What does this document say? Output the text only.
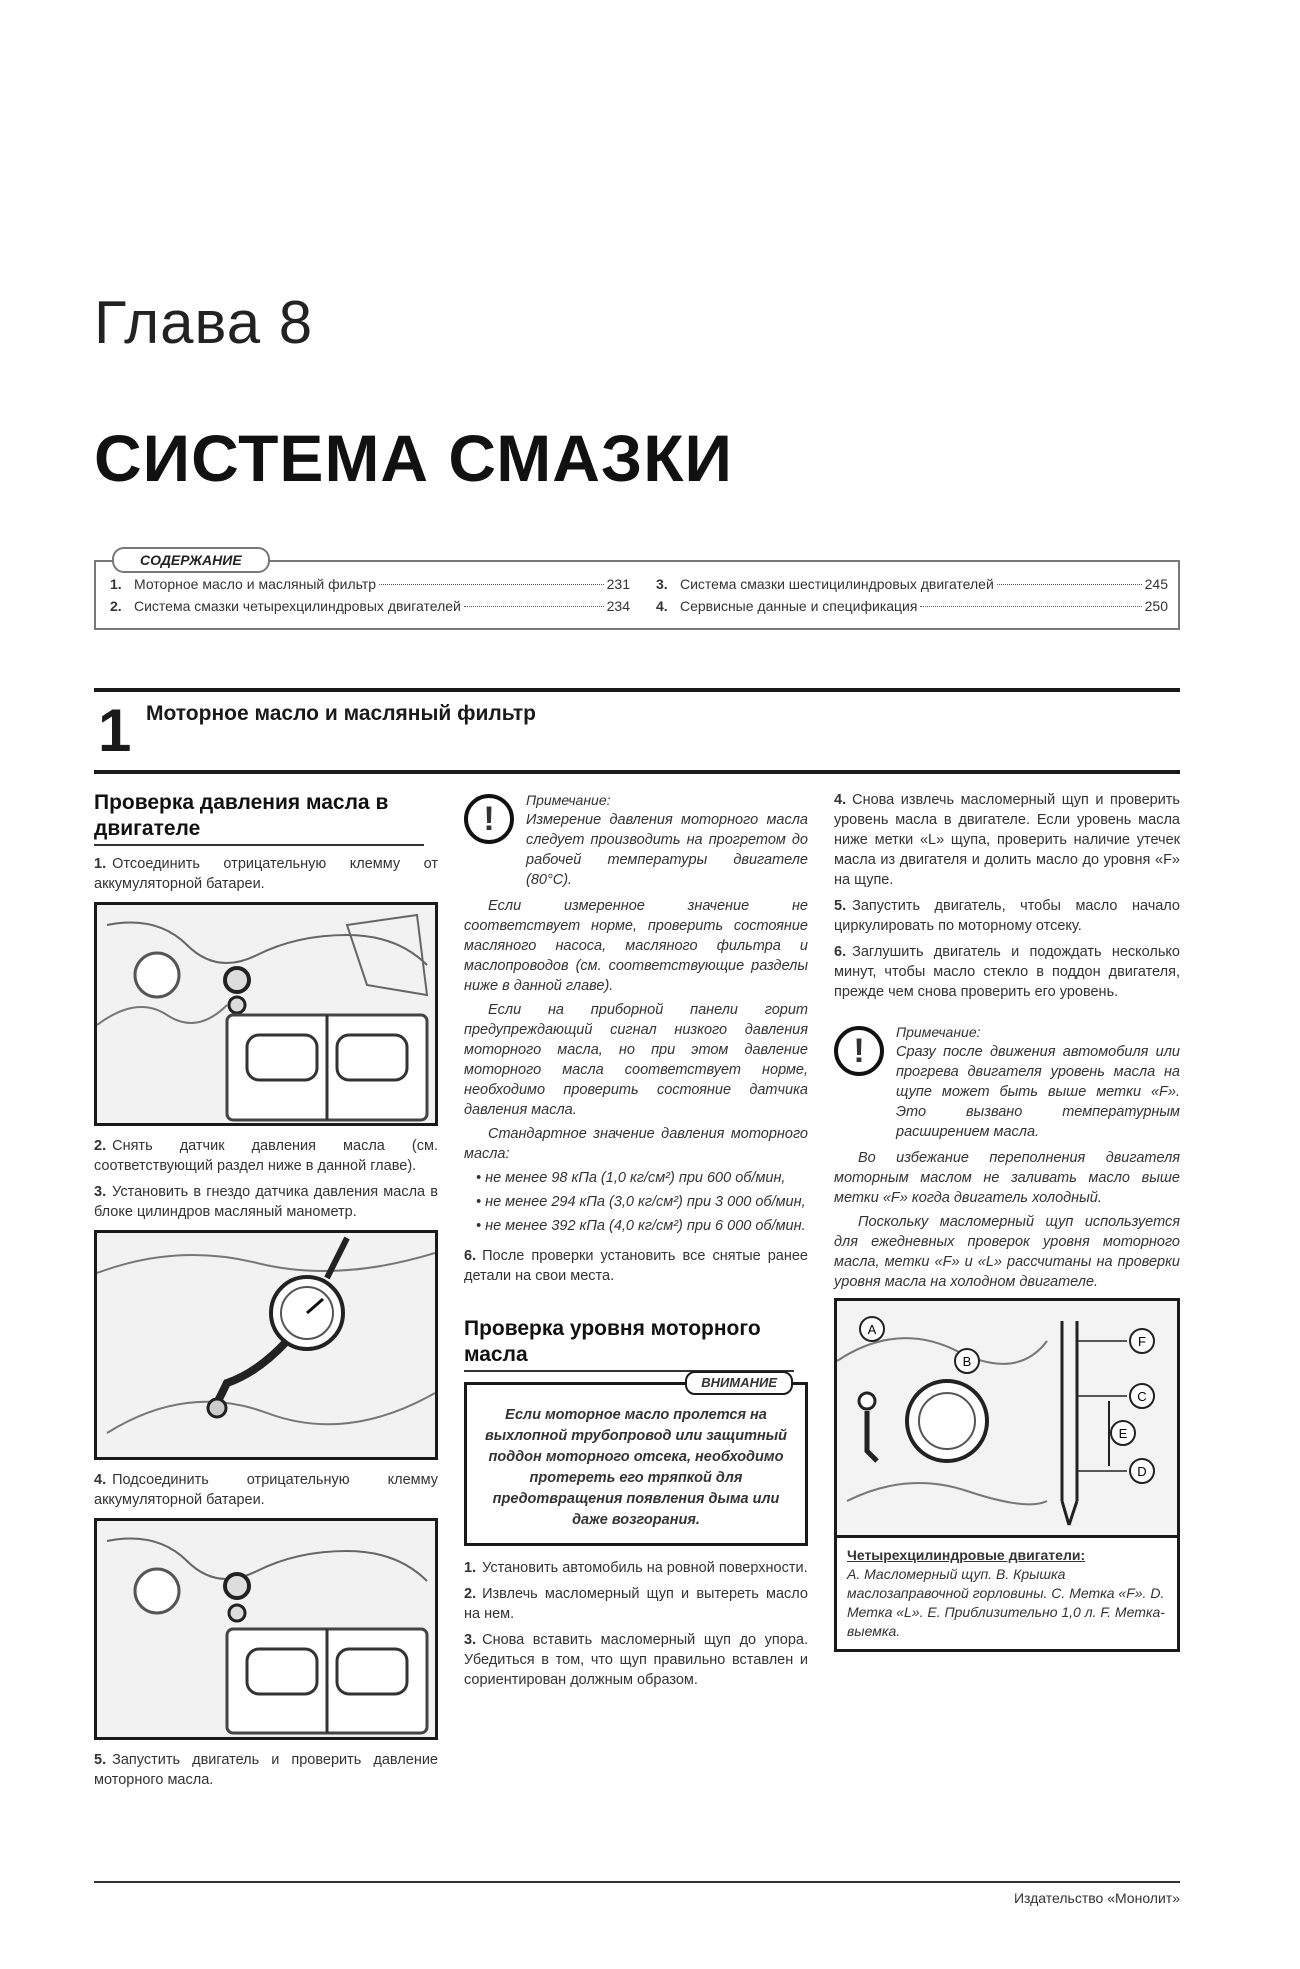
Глава 8
СИСТЕМА СМАЗКИ
СОДЕРЖАНИЕ
1. Моторное масло и масляный фильтр	231
2. Система смазки четырехцилиндровых двигателей	234
3. Система смазки шестицилиндровых двигателей	245
4. Сервисные данные и спецификация	250
1 Моторное масло и масляный фильтр
Проверка давления масла в двигателе
1. Отсоединить отрицательную клемму от аккумуляторной батареи.
2. Снять датчик давления масла (см. соответствующий раздел ниже в данной главе).
3. Установить в гнездо датчика давления масла в блоке цилиндров масляный манометр.
4. Подсоединить отрицательную клемму аккумуляторной батареи.
5. Запустить двигатель и проверить давление моторного масла.
!	Примечание:
Измерение давления моторного масла следует производить на прогретом до рабочей температуры двигателе (80°C).
Если измеренное значение не соответствует норме, проверить состояние масляного насоса, масляного фильтра и маслопроводов (см. соответствующие разделы ниже в данной главе).
Если на приборной панели горит предупреждающий сигнал низкого давления моторного масла, но при этом давление моторного масла соответствует норме, необходимо проверить состояние датчика давления масла.
Стандартное значение давления моторного масла:
• не менее 98 кПа (1,0 кг/см²) при 600 об/мин,
• не менее 294 кПа (3,0 кг/см²) при 3 000 об/мин,
• не менее 392 кПа (4,0 кг/см²) при 6 000 об/мин.
6. После проверки установить все снятые ранее детали на свои места.
Проверка уровня моторного масла
ВНИМАНИЕ
Если моторное масло пролется на выхлопной трубопровод или защитный поддон моторного отсека, необходимо протереть его тряпкой для предотвращения появления дыма или даже возгорания.
1. Установить автомобиль на ровной поверхности.
2. Извлечь масломерный щуп и вытереть масло на нем.
3. Снова вставить масломерный щуп до упора. Убедиться в том, что щуп правильно вставлен и сориентирован должным образом.
4. Снова извлечь масломерный щуп и проверить уровень масла в двигателе. Если уровень масла ниже метки «L» щупа, проверить наличие утечек масла из двигателя и долить масло до уровня «F» на щупе.
5. Запустить двигатель, чтобы масло начало циркулировать по моторному отсеку.
6. Заглушить двигатель и подождать несколько минут, чтобы масло стекло в поддон двигателя, прежде чем снова проверить его уровень.
!	Примечание:
Сразу после движения автомобиля или прогрева двигателя уровень масла на щупе может быть выше метки «F». Это вызвано температурным расширением масла.
Во избежание переполнения двигателя моторным маслом не заливать масло выше метки «F» когда двигатель холодный.
Поскольку масломерный щуп используется для ежедневных проверок уровня моторного масла, метки «F» и «L» рассчитаны на проверки уровня масла на холодном двигателе.
A
B
F
C
E
D
Четырехцилиндровые двигатели:
A. Масломерный щуп. B. Крышка маслозаправочной горловины. C. Метка «F». D. Метка «L». E. Приблизительно 1,0 л. F. Метка-выемка.
Издательство «Монолит»
